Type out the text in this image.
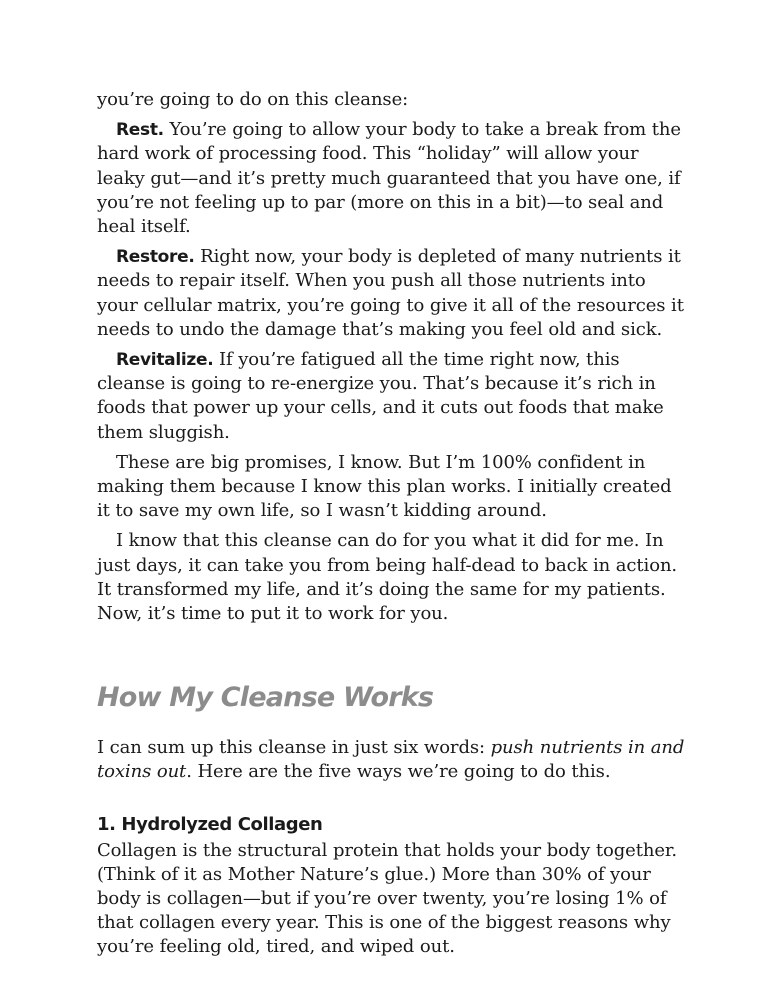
you’re going to do on this cleanse:

Rest. You’re going to allow your body to take a break from the hard work of processing food. This “holiday” will allow your leaky gut—and it’s pretty much guaranteed that you have one, if you’re not feeling up to par (more on this in a bit)—to seal and heal itself.

Restore. Right now, your body is depleted of many nutrients it needs to repair itself. When you push all those nutrients into your cellular matrix, you’re going to give it all of the resources it needs to undo the damage that’s making you feel old and sick.

Revitalize. If you’re fatigued all the time right now, this cleanse is going to re-energize you. That’s because it’s rich in foods that power up your cells, and it cuts out foods that make them sluggish.

These are big promises, I know. But I’m 100% confident in making them because I know this plan works. I initially created it to save my own life, so I wasn’t kidding around.

I know that this cleanse can do for you what it did for me. In just days, it can take you from being half-dead to back in action. It transformed my life, and it’s doing the same for my patients. Now, it’s time to put it to work for you.

How My Cleanse Works

I can sum up this cleanse in just six words: push nutrients in and toxins out. Here are the five ways we’re going to do this.

1. Hydrolyzed Collagen

Collagen is the structural protein that holds your body together. (Think of it as Mother Nature’s glue.) More than 30% of your body is collagen—but if you’re over twenty, you’re losing 1% of that collagen every year. This is one of the biggest reasons why you’re feeling old, tired, and wiped out.
